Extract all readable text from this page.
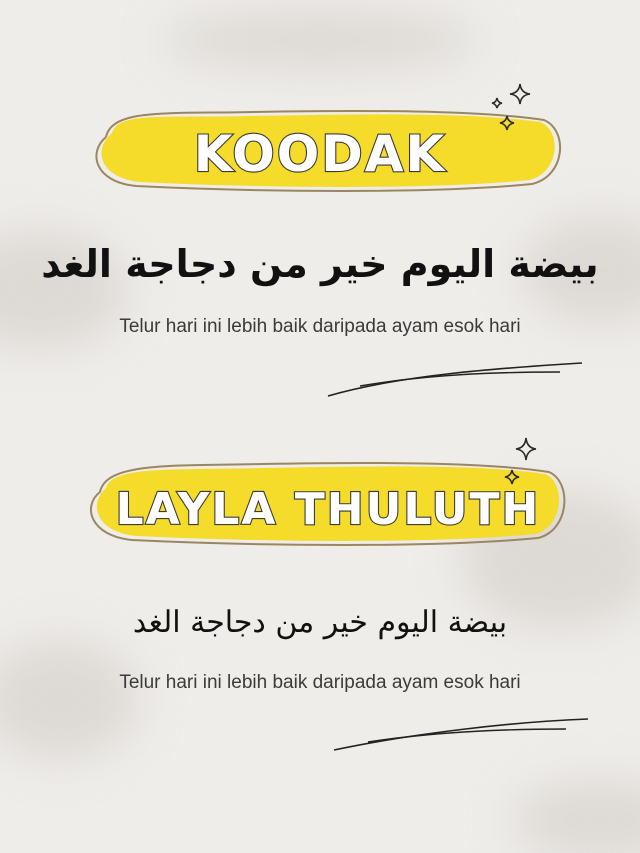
KOODAK
بيضة اليوم خير من دجاجة الغد
Telur hari ini lebih baik daripada ayam esok hari
LAYLA THULUTH
بيضة اليوم خير من دجاجة الغد
Telur hari ini lebih baik daripada ayam esok hari
